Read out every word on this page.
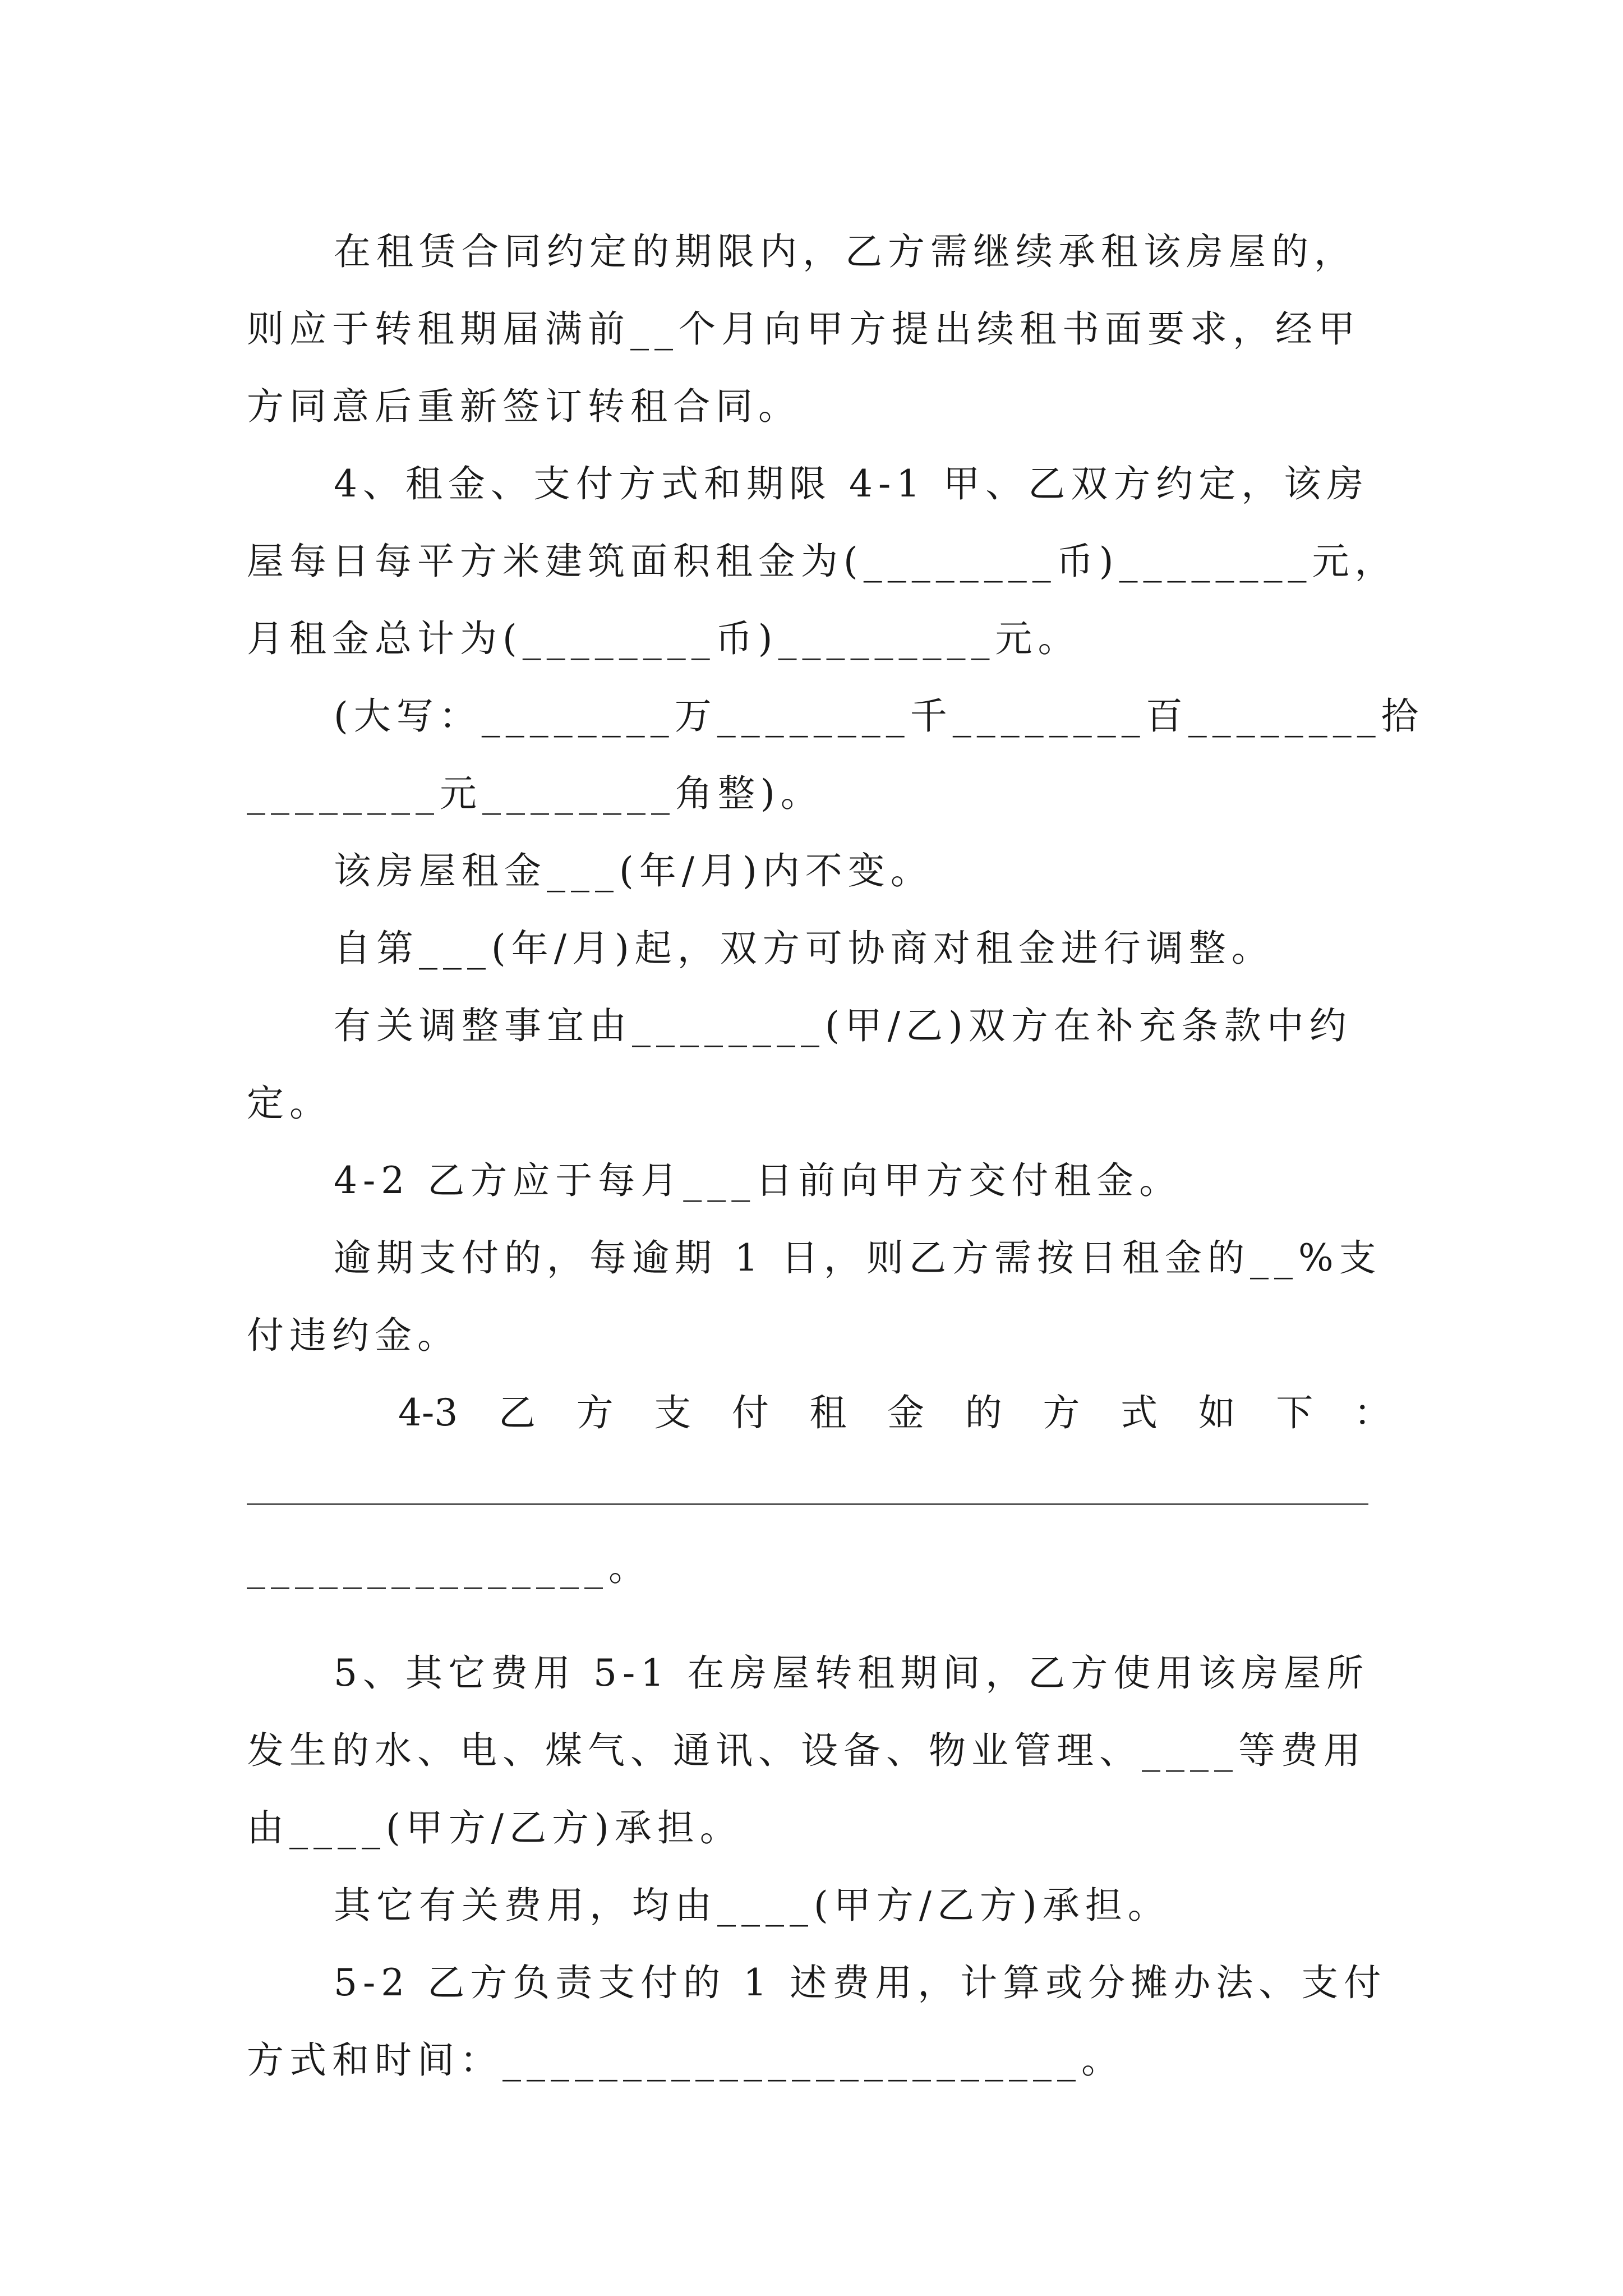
在租赁合同约定的期限内，乙方需继续承租该房屋的，
则应于转租期届满前__个月向甲方提出续租书面要求，经甲
方同意后重新签订转租合同。
4、租金、支付方式和期限 4-1 甲、乙双方约定，该房
屋每日每平方米建筑面积租金为(________币)________元，
月租金总计为(________币)_________元。
(大写：________万________千________百________拾
________元________角整)。
该房屋租金___(年/月)内不变。
自第___(年/月)起，双方可协商对租金进行调整。
有关调整事宜由________(甲/乙)双方在补充条款中约
定。
4-2 乙方应于每月___日前向甲方交付租金。
逾期支付的，每逾期 1 日，则乙方需按日租金的__%支
付违约金。
4-3 乙 方 支 付 租 金 的 方 式 如 下 ：
_______________。
5、其它费用 5-1 在房屋转租期间，乙方使用该房屋所
发生的水、电、煤气、通讯、设备、物业管理、____等费用
由____(甲方/乙方)承担。
其它有关费用，均由____(甲方/乙方)承担。
5-2 乙方负责支付的 1 述费用，计算或分摊办法、支付
方式和时间：________________________。
